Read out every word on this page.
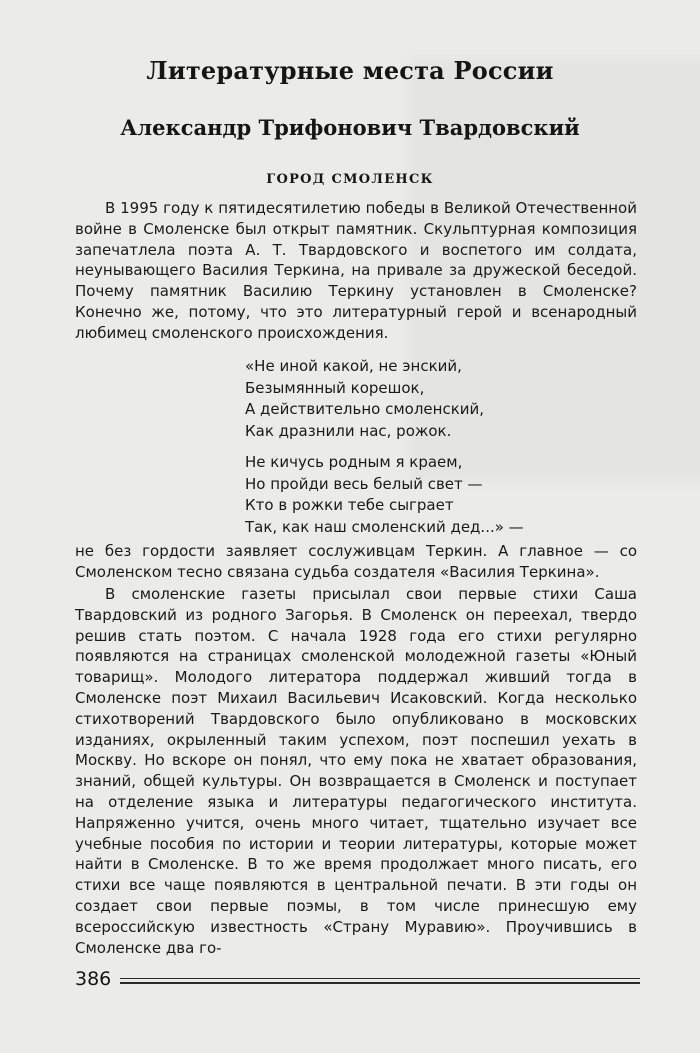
Литературные места России
Александр Трифонович Твардовский
ГОРОД СМОЛЕНСК

В 1995 году к пятидесятилетию победы в Великой Отечественной войне в Смоленске был открыт памятник. Скульптурная композиция запечатлела поэта А. Т. Твардовского и воспетого им солдата, неунывающего Василия Теркина, на привале за дружеской беседой. Почему памятник Василию Теркину установлен в Смоленске? Конечно же, потому, что это литературный герой и всенародный любимец смоленского происхождения.

«Не иной какой, не энский,
Безымянный корешок,
А действительно смоленский,
Как дразнили нас, рожок.
Не кичусь родным я краем,
Но пройди весь белый свет —
Кто в рожки тебе сыграет
Так, как наш смоленский дед...» —

не без гордости заявляет сослуживцам Теркин. А главное — со Смоленском тесно связана судьба создателя «Василия Теркина».

В смоленские газеты присылал свои первые стихи Саша Твардовский из родного Загорья. В Смоленск он переехал, твердо решив стать поэтом. С начала 1928 года его стихи регулярно появляются на страницах смоленской молодежной газеты «Юный товарищ». Молодого литератора поддержал живший тогда в Смоленске поэт Михаил Васильевич Исаковский. Когда несколько стихотворений Твардовского было опубликовано в московских изданиях, окрыленный таким успехом, поэт поспешил уехать в Москву. Но вскоре он понял, что ему пока не хватает образования, знаний, общей культуры. Он возвращается в Смоленск и поступает на отделение языка и литературы педагогического института. Напряженно учится, очень много читает, тщательно изучает все учебные пособия по истории и теории литературы, которые может найти в Смоленске. В то же время продолжает много писать, его стихи все чаще появляются в центральной печати. В эти годы он создает свои первые поэмы, в том числе принесшую ему всероссийскую известность «Страну Муравию». Проучившись в Смоленске два го-

386
